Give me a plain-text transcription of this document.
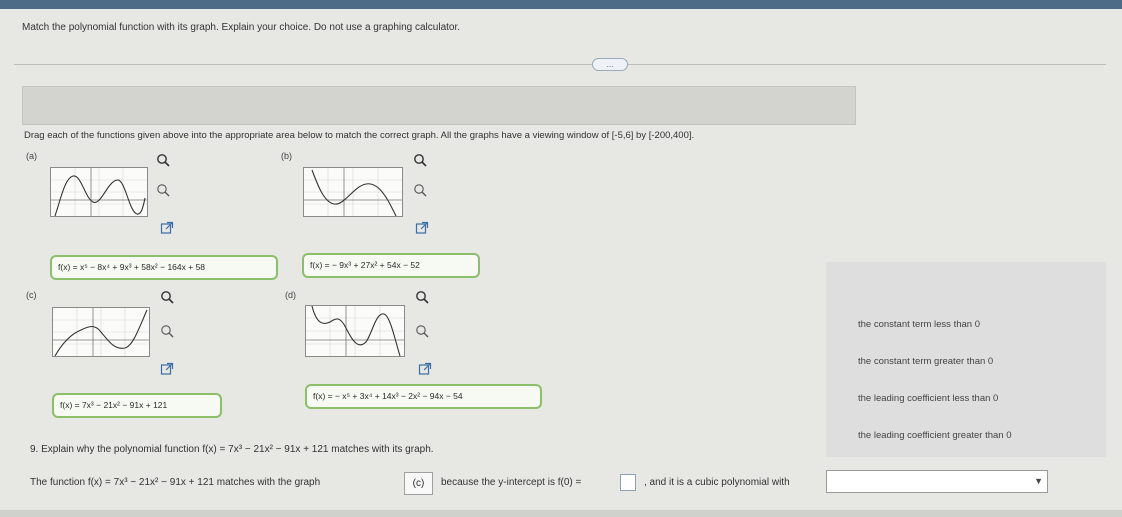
Match the polynomial function with its graph. Explain your choice. Do not use a graphing calculator.
...
Drag each of the functions given above into the appropriate area below to match the correct graph. All the graphs have a viewing window of [-5,6] by [-200,400].
(a)	(b)
f(x) = x⁵ − 8x⁴ + 9x³ + 58x² − 164x + 58	f(x) = − 9x³ + 27x² + 54x − 52
(c)	(d)
f(x) = 7x³ − 21x² − 91x + 121
f(x) = − x⁵ + 3x⁴ + 14x³ − 2x² − 94x − 54
the constant term less than 0
the constant term greater than 0
the leading coefficient less than 0
the leading coefficient greater than 0
9. Explain why the polynomial function f(x) = 7x³ − 21x² − 91x + 121 matches with its graph.
The function f(x) = 7x³ − 21x² − 91x + 121 matches with the graph	(c)	because the y-intercept is f(0) =	, and it is a cubic polynomial with	▼
